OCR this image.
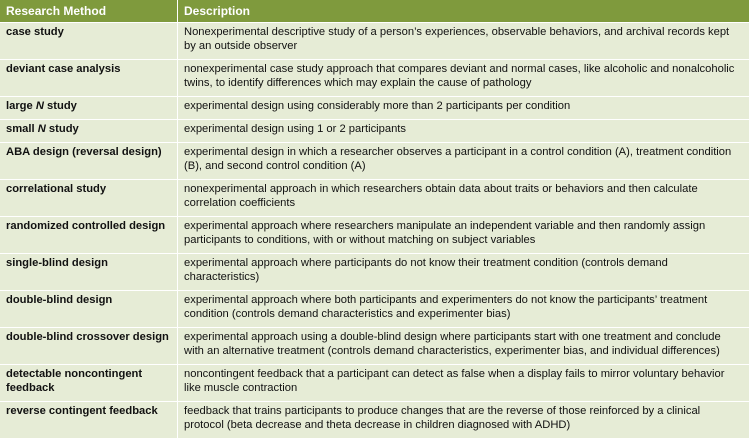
Research Method	Description
case study	Nonexperimental descriptive study of a person’s experiences, observable behaviors, and archival records kept by an outside observer
deviant case analysis	nonexperimental case study approach that compares deviant and normal cases, like alcoholic and nonalcoholic twins, to identify differences which may explain the cause of pathology
large N study	experimental design using considerably more than 2 participants per condition
small N study	experimental design using 1 or 2 participants
ABA design (reversal design)	experimental design in which a researcher observes a participant in a control condition (A), treatment condition (B), and second control condition (A)
correlational study	nonexperimental approach in which researchers obtain data about traits or behaviors and then calculate correlation coefficients
randomized controlled design	experimental approach where researchers manipulate an independent variable and then randomly assign participants to conditions, with or without matching on subject variables
single-blind design	experimental approach where participants do not know their treatment condition (controls demand characteristics)
double-blind design	experimental approach where both participants and experimenters do not know the participants’ treatment condition (controls demand characteristics and experimenter bias)
double-blind crossover design	experimental approach using a double-blind design where participants start with one treatment and conclude with an alternative treatment (controls demand characteristics, experimenter bias, and individual differences)
detectable noncontingent feedback	noncontingent feedback that a participant can detect as false when a display fails to mirror voluntary behavior like muscle contraction
reverse contingent feedback	feedback that trains participants to produce changes that are the reverse of those reinforced by a clinical protocol (beta decrease and theta decrease in children diagnosed with ADHD)
